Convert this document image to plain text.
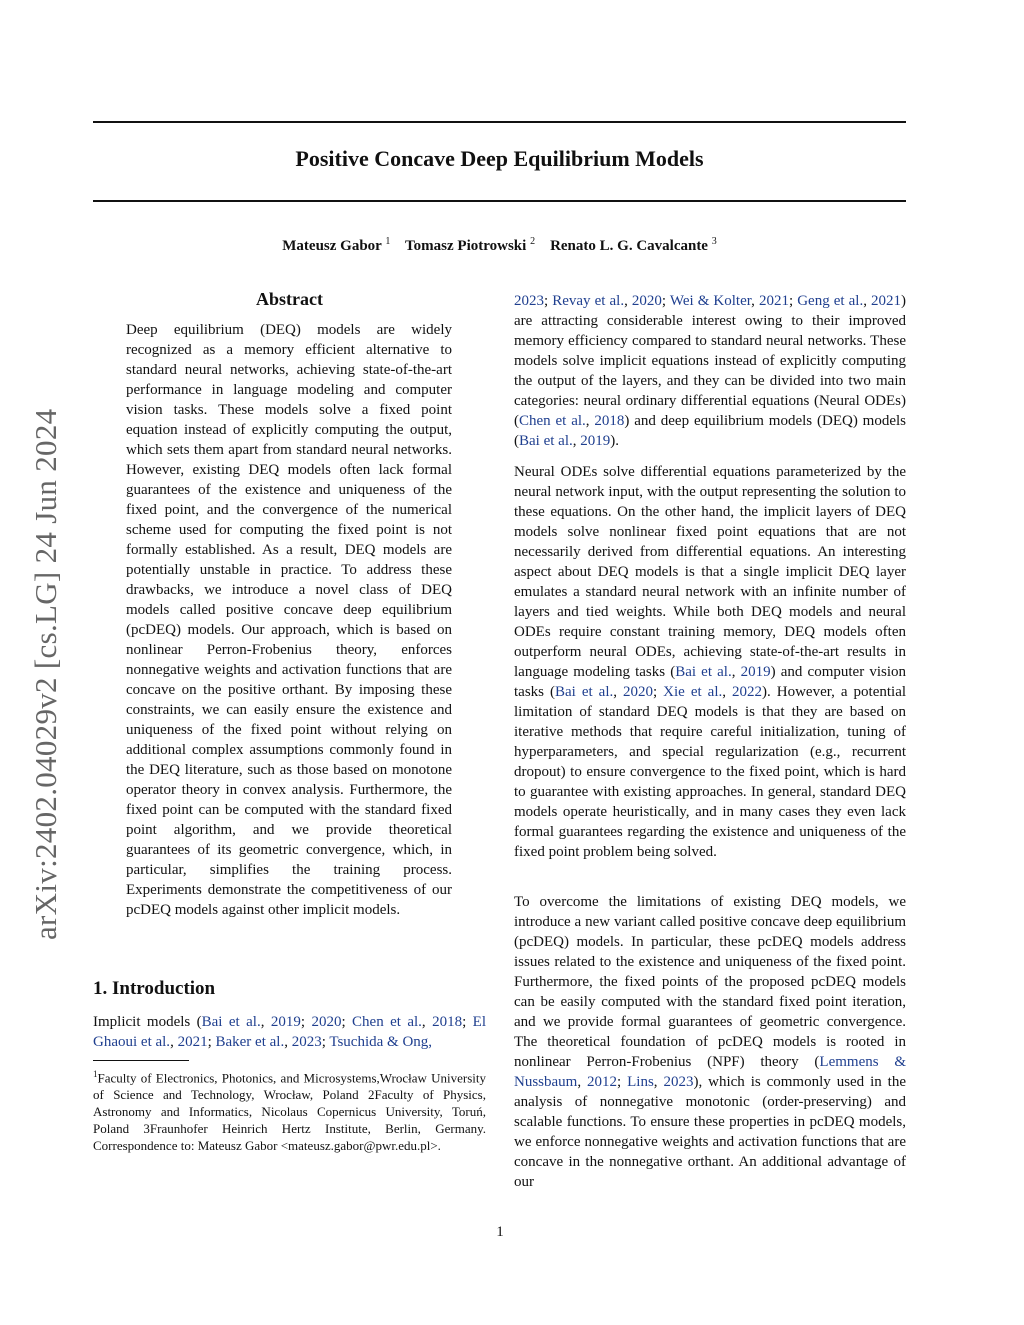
Positive Concave Deep Equilibrium Models
Mateusz Gabor $^1$ Tomasz Piotrowski $^2$ Renato L. G. Cavalcante $^3$
arXiv:2402.04029v2 [cs.LG] 24 Jun 2024
Abstract

Deep equilibrium (DEQ) models are widely recognized as a memory efficient alternative to standard neural networks, achieving state-of-the-art performance in language modeling and computer vision tasks. These models solve a fixed point equation instead of explicitly computing the output, which sets them apart from standard neural networks. However, existing DEQ models often lack formal guarantees of the existence and uniqueness of the fixed point, and the convergence of the numerical scheme used for computing the fixed point is not formally established. As a result, DEQ models are potentially unstable in practice. To address these drawbacks, we introduce a novel class of DEQ models called positive concave deep equilibrium (pcDEQ) models. Our approach, which is based on nonlinear Perron-Frobenius theory, enforces nonnegative weights and activation functions that are concave on the positive orthant. By imposing these constraints, we can easily ensure the existence and uniqueness of the fixed point without relying on additional complex assumptions commonly found in the DEQ literature, such as those based on monotone operator theory in convex analysis. Furthermore, the fixed point can be computed with the standard fixed point algorithm, and we provide theoretical guarantees of its geometric convergence, which, in particular, simplifies the training process. Experiments demonstrate the competitiveness of our pcDEQ models against other implicit models.

1. Introduction

Implicit models (Bai et al., 2019; 2020; Chen et al., 2018; El Ghaoui et al., 2021; Baker et al., 2023; Tsuchida & Ong,

$^1$Faculty of Electronics, Photonics, and Microsystems,Wrocław University of Science and Technology, Wrocław, Poland 2Faculty of Physics, Astronomy and Informatics, Nicolaus Copernicus University, Toruń, Poland 3Fraunhofer Heinrich Hertz Institute, Berlin, Germany. Correspondence to: Mateusz Gabor <mateusz.gabor@pwr.edu.pl>.

2023; Revay et al., 2020; Wei & Kolter, 2021; Geng et al., 2021) are attracting considerable interest owing to their improved memory efficiency compared to standard neural networks. These models solve implicit equations instead of explicitly computing the output of the layers, and they can be divided into two main categories: neural ordinary differential equations (Neural ODEs) (Chen et al., 2018) and deep equilibrium models (DEQ) models (Bai et al., 2019).

Neural ODEs solve differential equations parameterized by the neural network input, with the output representing the solution to these equations. On the other hand, the implicit layers of DEQ models solve nonlinear fixed point equations that are not necessarily derived from differential equations. An interesting aspect about DEQ models is that a single implicit DEQ layer emulates a standard neural network with an infinite number of layers and tied weights. While both DEQ models and neural ODEs require constant training memory, DEQ models often outperform neural ODEs, achieving state-of-the-art results in language modeling tasks (Bai et al., 2019) and computer vision tasks (Bai et al., 2020; Xie et al., 2022). However, a potential limitation of standard DEQ models is that they are based on iterative methods that require careful initialization, tuning of hyperparameters, and special regularization (e.g., recurrent dropout) to ensure convergence to the fixed point, which is hard to guarantee with existing approaches. In general, standard DEQ models operate heuristically, and in many cases they even lack formal guarantees regarding the existence and uniqueness of the fixed point problem being solved.

To overcome the limitations of existing DEQ models, we introduce a new variant called positive concave deep equilibrium (pcDEQ) models. In particular, these pcDEQ models address issues related to the existence and uniqueness of the fixed point. Furthermore, the fixed points of the proposed pcDEQ models can be easily computed with the standard fixed point iteration, and we provide formal guarantees of geometric convergence. The theoretical foundation of pcDEQ models is rooted in nonlinear Perron-Frobenius (NPF) theory (Lemmens & Nussbaum, 2012; Lins, 2023), which is commonly used in the analysis of nonnegative monotonic (order-preserving) and scalable functions. To ensure these properties in pcDEQ models, we enforce nonnegative weights and activation functions that are concave in the nonnegative orthant. An additional advantage of our

1
